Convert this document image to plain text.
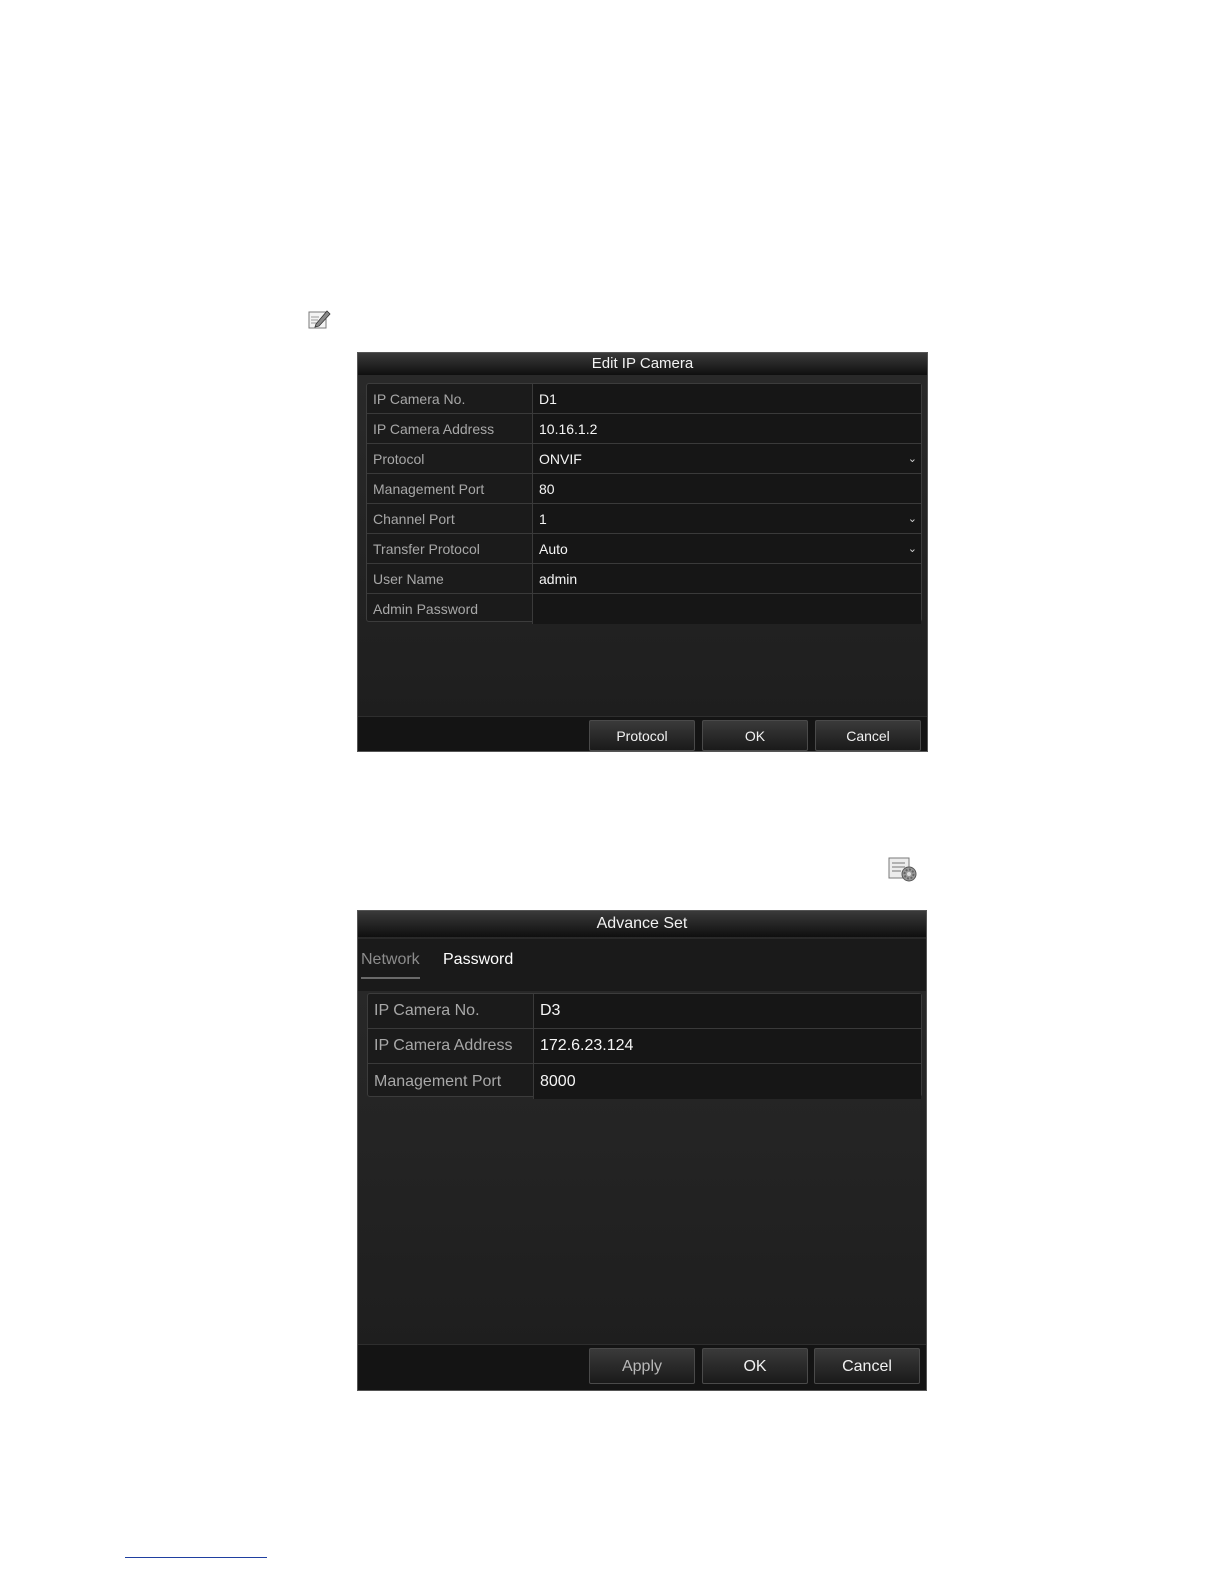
Edit IP Camera
IP Camera No.	D1
IP Camera Address	10.16.1.2
Protocol	ONVIF	⌄
Management Port	80
Channel Port	1	⌄
Transfer Protocol	Auto	⌄
User Name	admin
Admin Password
Protocol	OK	Cancel
Advance Set
Network Password
IP Camera No.	D3
IP Camera Address	172.6.23.124
Management Port	8000
Apply	OK	Cancel
